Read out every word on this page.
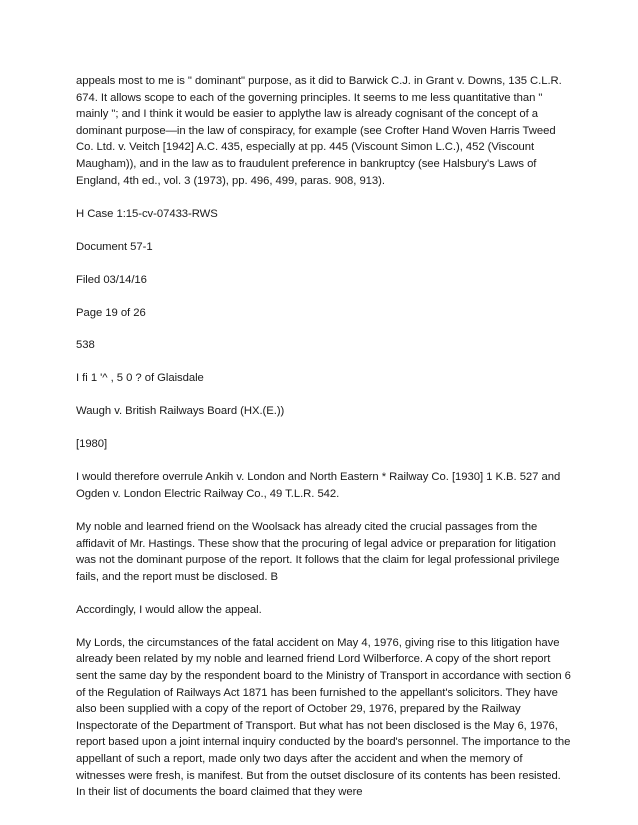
appeals most to me is " dominant" purpose, as it did to Barwick C.J. in Grant v. Downs, 135 C.L.R. 674. It allows scope to each of the governing principles. It seems to me less quantitative than " mainly "; and I think it would be easier to applythe law is already cognisant of the concept of a dominant purpose—in the law of conspiracy, for example (see Crofter Hand Woven Harris Tweed Co. Ltd. v. Veitch [1942] A.C. 435, especially at pp. 445 (Viscount Simon L.C.), 452 (Viscount Maugham)), and in the law as to fraudulent preference in bankruptcy (see Halsbury's Laws of England, 4th ed., vol. 3 (1973), pp. 496, 499, paras. 908, 913).

H Case 1:15-cv-07433-RWS

Document 57-1

Filed 03/14/16

Page 19 of 26

538

I fi 1 '^ , 5 0 ? of Glaisdale

Waugh v. British Railways Board (HX.(E.))

[1980]

I would therefore overrule Ankih v. London and North Eastern * Railway Co. [1930] 1 K.B. 527 and Ogden v. London Electric Railway Co., 49 T.L.R. 542.

My noble and learned friend on the Woolsack has already cited the crucial passages from the affidavit of Mr. Hastings. These show that the procuring of legal advice or preparation for litigation was not the dominant purpose of the report. It follows that the claim for legal professional privilege fails, and the report must be disclosed. B

Accordingly, I would allow the appeal.

My Lords, the circumstances of the fatal accident on May 4, 1976, giving rise to this litigation have already been related by my noble and learned friend Lord Wilberforce. A copy of the short report sent the same day by the respondent board to the Ministry of Transport in accordance with section 6 of the Regulation of Railways Act 1871 has been furnished to the appellant's solicitors. They have also been supplied with a copy of the report of October 29, 1976, prepared by the Railway Inspectorate of the Department of Transport. But what has not been disclosed is the May 6, 1976, report based upon a joint internal inquiry conducted by the board's personnel. The importance to the appellant of such a report, made only two days after the accident and when the memory of witnesses were fresh, is manifest. But from the outset disclosure of its contents has been resisted. In their list of documents the board claimed that they were
